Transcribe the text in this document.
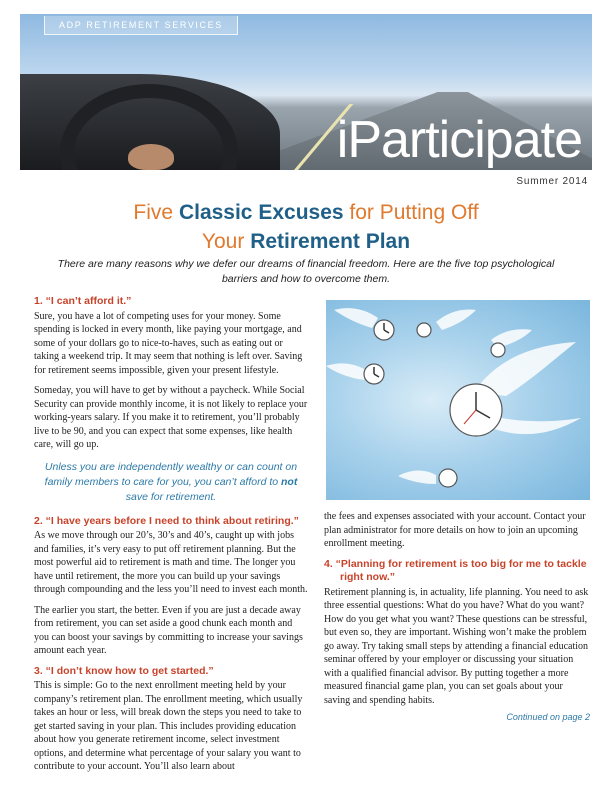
ADP RETIREMENT SERVICES
iParticipate
Summer 2014
Five Classic Excuses for Putting Off
Your Retirement Plan
There are many reasons why we defer our dreams of financial freedom. Here are the five top psychological barriers and how to overcome them.
1. “I can’t afford it.”

Sure, you have a lot of competing uses for your money. Some spending is locked in every month, like paying your mortgage, and some of your dollars go to nice-to-haves, such as eating out or taking a weekend trip. It may seem that nothing is left over. Saving for retirement seems impossible, given your present lifestyle.

Someday, you will have to get by without a paycheck. While Social Security can provide monthly income, it is not likely to replace your working-years salary. If you make it to retirement, you’ll probably live to be 90, and you can expect that some expenses, like health care, will go up.

Unless you are independently wealthy or can count on family members to care for you, you can’t afford to not save for retirement.
2. “I have years before I need to think about retiring.”

As we move through our 20’s, 30’s and 40’s, caught up with jobs and families, it’s very easy to put off retirement planning. But the most powerful aid to retirement is math and time. The longer you have until retirement, the more you can build up your savings through compounding and the less you’ll need to invest each month.

The earlier you start, the better. Even if you are just a decade away from retirement, you can set aside a good chunk each month and you can boost your savings by committing to increase your savings amount each year.

3. “I don’t know how to get started.”

This is simple: Go to the next enrollment meeting held by your company’s retirement plan. The enrollment meeting, which usually takes an hour or less, will break down the steps you need to take to get started saving in your plan. This includes providing education about how you generate retirement income, select investment options, and determine what percentage of your salary you want to contribute to your account. You’ll also learn about

the fees and expenses associated with your account. Contact your plan administrator for more details on how to join an upcoming enrollment meeting.

4. “Planning for retirement is too big for me to tackle right now.”

Retirement planning is, in actuality, life planning. You need to ask three essential questions: What do you have? What do you want? How do you get what you want? These questions can be stressful, but even so, they are important. Wishing won’t make the problem go away. Try taking small steps by attending a financial education seminar offered by your employer or discussing your situation with a qualified financial advisor. By putting together a more measured financial game plan, you can set goals about your saving and spending habits.

Continued on page 2
